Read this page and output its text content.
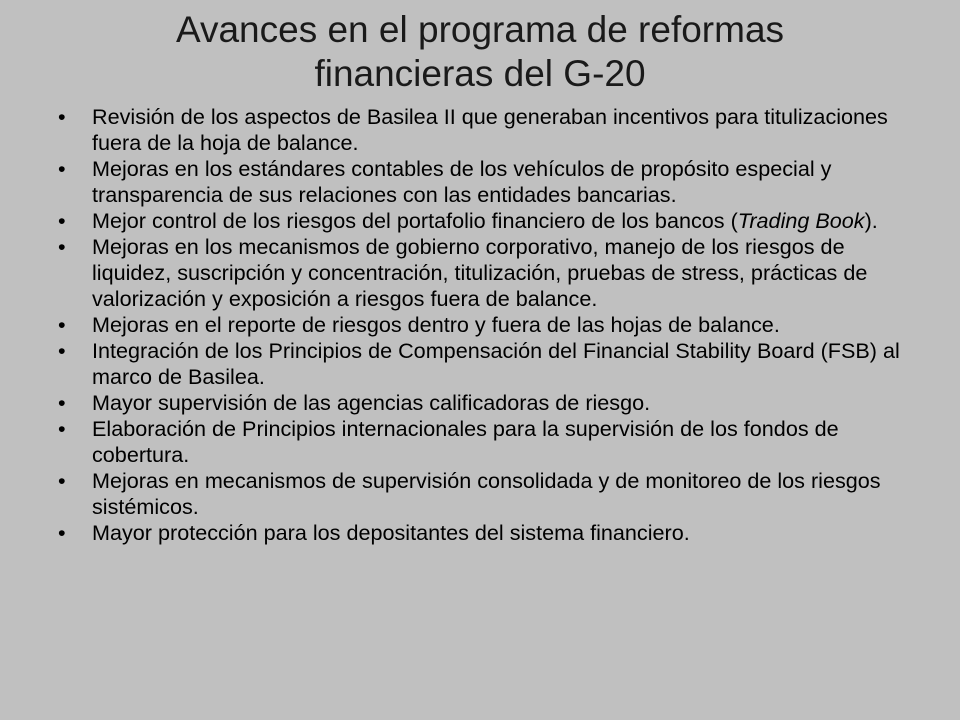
Avances en el programa de reformas
financieras del G-20
•	Revisión de los aspectos de Basilea II que generaban incentivos para titulizaciones fuera de la hoja de balance.
•	Mejoras en los estándares contables de los vehículos de propósito especial y transparencia de sus relaciones con las entidades bancarias.
•	Mejor control de los riesgos del portafolio financiero de los bancos (Trading Book).
•	Mejoras en los mecanismos de gobierno corporativo, manejo de los riesgos de liquidez, suscripción y concentración, titulización, pruebas de stress, prácticas de valorización y exposición a riesgos fuera de balance.
•	Mejoras en el reporte de riesgos dentro y fuera de las hojas de balance.
•	Integración de los Principios de Compensación del Financial Stability Board (FSB) al marco de Basilea.
•	Mayor supervisión de las agencias calificadoras de riesgo.
•	Elaboración de Principios internacionales para la supervisión de los fondos de cobertura.
•	Mejoras en mecanismos de supervisión consolidada y de monitoreo de los riesgos sistémicos.
•	Mayor protección para los depositantes del sistema financiero.
